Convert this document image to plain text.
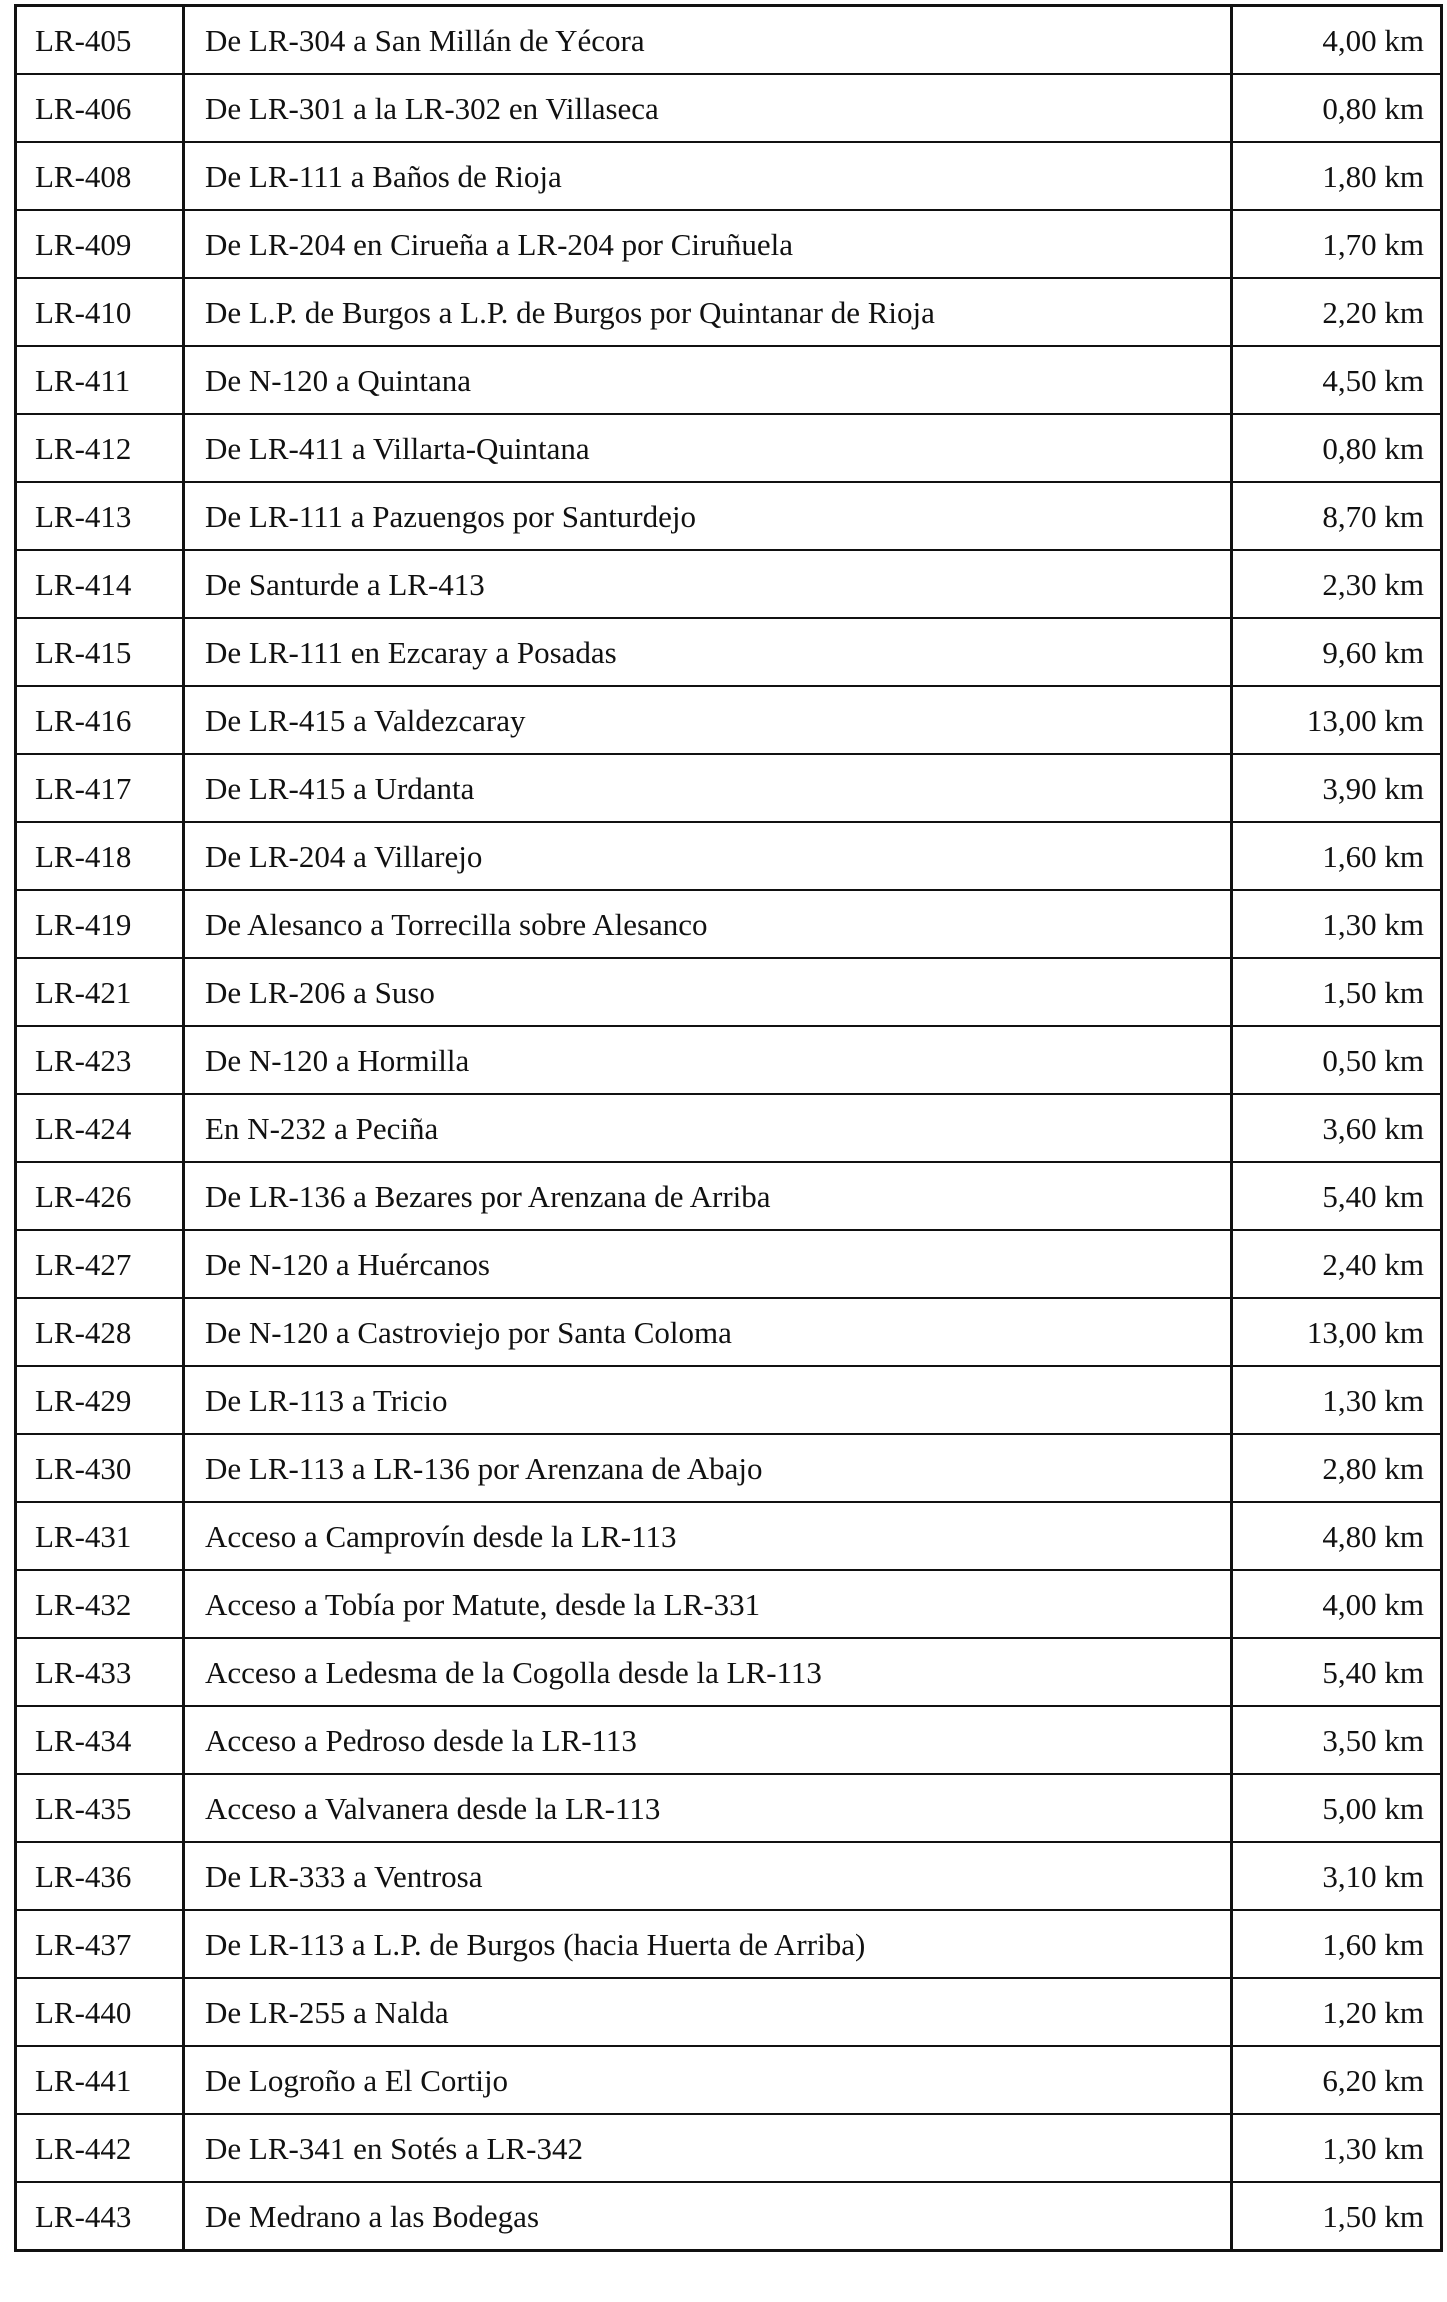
LR-405	De LR-304 a San Millán de Yécora	4,00 km
LR-406	De LR-301 a la LR-302 en Villaseca	0,80 km
LR-408	De LR-111 a Baños de Rioja	1,80 km
LR-409	De LR-204 en Cirueña a LR-204 por Ciruñuela	1,70 km
LR-410	De L.P. de Burgos a L.P. de Burgos por Quintanar de Rioja	2,20 km
LR-411	De N-120 a Quintana	4,50 km
LR-412	De LR-411 a Villarta-Quintana	0,80 km
LR-413	De LR-111 a Pazuengos por Santurdejo	8,70 km
LR-414	De Santurde a LR-413	2,30 km
LR-415	De LR-111 en Ezcaray a Posadas	9,60 km
LR-416	De LR-415 a Valdezcaray	13,00 km
LR-417	De LR-415 a Urdanta	3,90 km
LR-418	De LR-204 a Villarejo	1,60 km
LR-419	De Alesanco a Torrecilla sobre Alesanco	1,30 km
LR-421	De LR-206 a Suso	1,50 km
LR-423	De N-120 a Hormilla	0,50 km
LR-424	En N-232 a Peciña	3,60 km
LR-426	De LR-136 a Bezares por Arenzana de Arriba	5,40 km
LR-427	De N-120 a Huércanos	2,40 km
LR-428	De N-120 a Castroviejo por Santa Coloma	13,00 km
LR-429	De LR-113 a Tricio	1,30 km
LR-430	De LR-113 a LR-136 por Arenzana de Abajo	2,80 km
LR-431	Acceso a Camprovín desde la LR-113	4,80 km
LR-432	Acceso a Tobía por Matute, desde la LR-331	4,00 km
LR-433	Acceso a Ledesma de la Cogolla desde la LR-113	5,40 km
LR-434	Acceso a Pedroso desde la LR-113	3,50 km
LR-435	Acceso a Valvanera desde la LR-113	5,00 km
LR-436	De LR-333 a Ventrosa	3,10 km
LR-437	De LR-113 a L.P. de Burgos (hacia Huerta de Arriba)	1,60 km
LR-440	De LR-255 a Nalda	1,20 km
LR-441	De Logroño a El Cortijo	6,20 km
LR-442	De LR-341 en Sotés a LR-342	1,30 km
LR-443	De Medrano a las Bodegas	1,50 km
